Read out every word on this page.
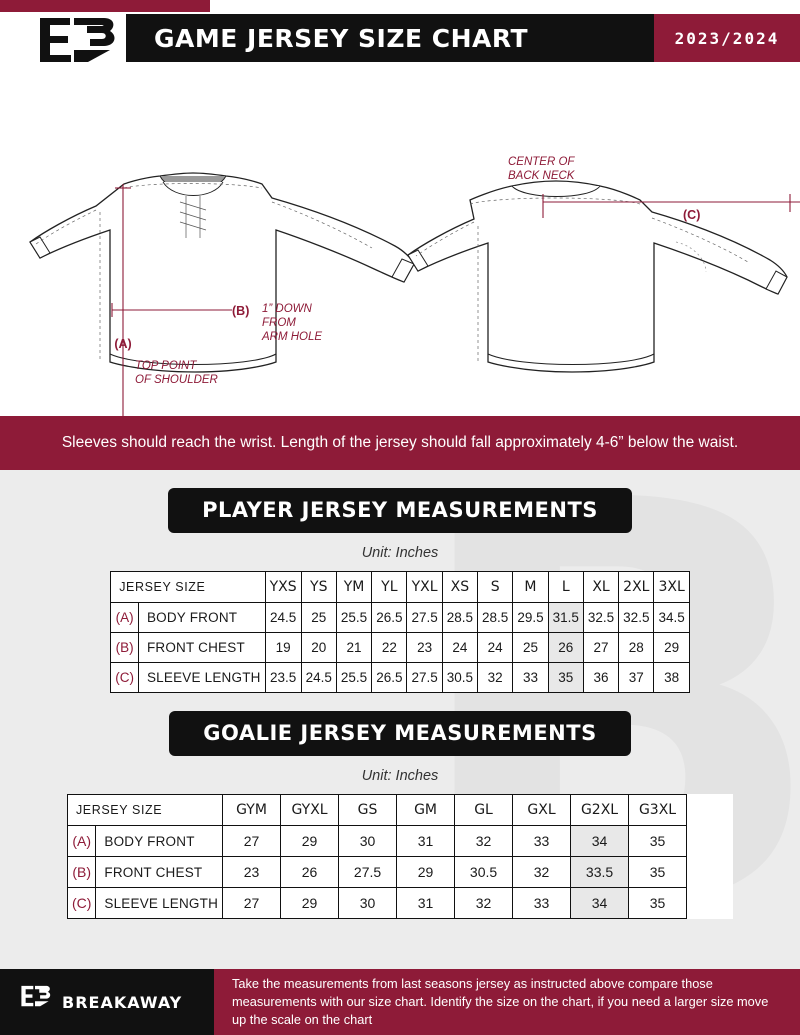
GAME JERSEY SIZE CHART	2023/2024
(A)
TOP POINT
OF SHOULDER
(B) 1” DOWN
FROM
ARM HOLE
CENTER OF
BACK NECK
(C)
Sleeves should reach the wrist. Length of the jersey should fall approximately 4-6” below the waist.
PLAYER JERSEY MEASUREMENTS
Unit: Inches
JERSEY SIZE		YXS	YS	YM	YL	YXL	XS	S	M	L	XL	2XL	3XL
(A)	BODY FRONT	24.5	25	25.5	26.5	27.5	28.5	28.5	29.5	31.5	32.5	32.5	34.5
(B)	FRONT CHEST	19	20	21	22	23	24	24	25	26	27	28	29
(C)	SLEEVE LENGTH	23.5	24.5	25.5	26.5	27.5	30.5	32	33	35	36	37	38
GOALIE JERSEY MEASUREMENTS
Unit: Inches
JERSEY SIZE		GYM	GYXL	GS	GM	GL	GXL	G2XL	G3XL	
(A)	BODY FRONT	27	29	30	31	32	33	34	35	
(B)	FRONT CHEST	23	26	27.5	29	30.5	32	33.5	35	
(C)	SLEEVE LENGTH	27	29	30	31	32	33	34	35	
BREAKAWAY
Take the measurements from last seasons jersey as instructed above compare those measurements with our size chart. Identify the size on the chart, if you need a larger size move up the scale on the chart
